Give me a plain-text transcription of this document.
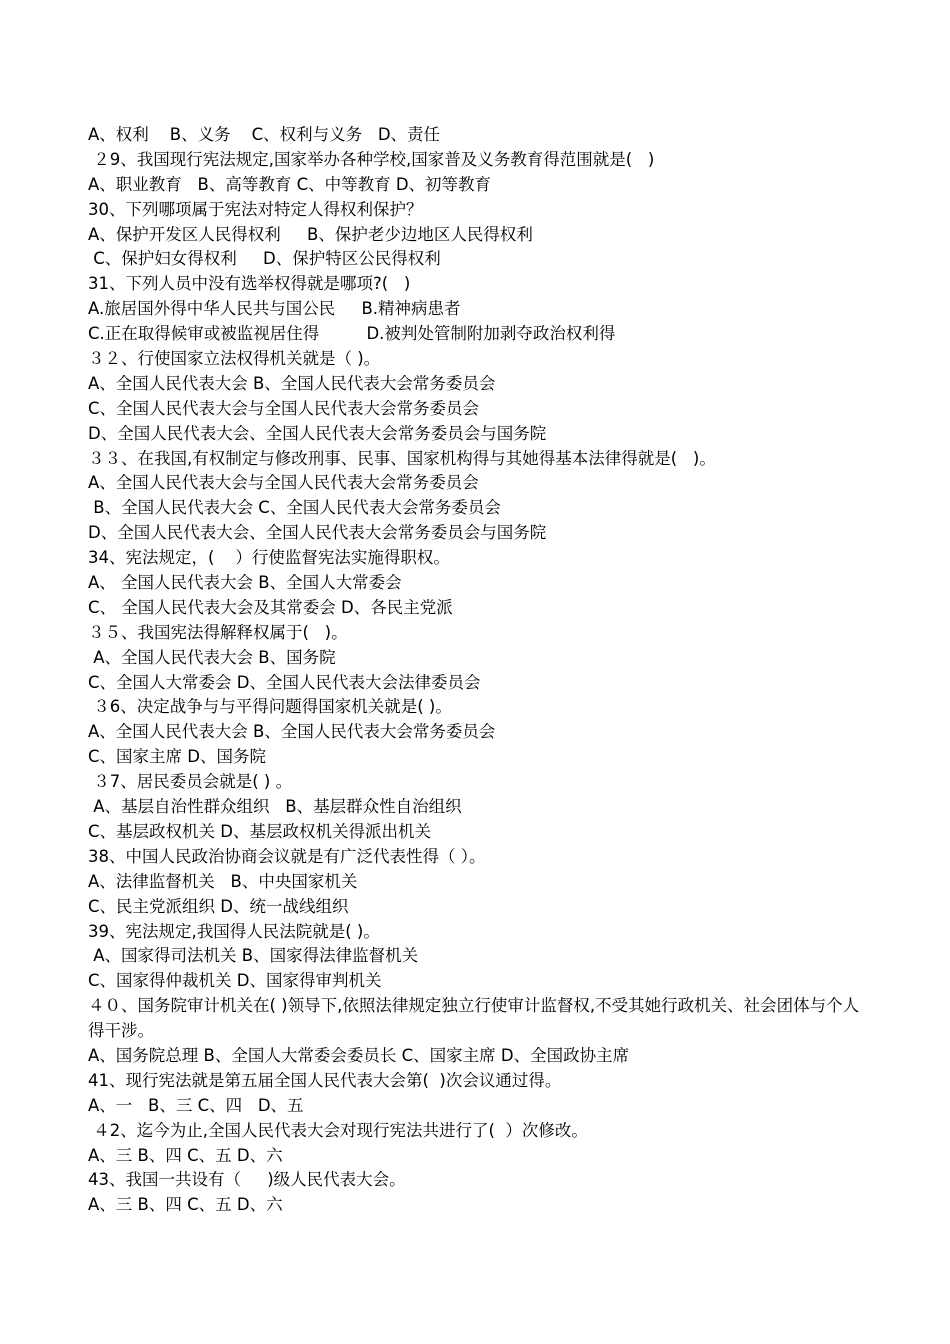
A、权利    B、义务    C、权利与义务   D、责任
２9、我国现行宪法规定,国家举办各种学校,国家普及义务教育得范围就是(   )
A、职业教育   B、高等教育 C、中等教育 D、初等教育
30、下列哪项属于宪法对特定人得权利保护？
A、保护开发区人民得权利     B、保护老少边地区人民得权利
C、保护妇女得权利     D、保护特区公民得权利
31、下列人员中没有选举权得就是哪项?(   )
A.旅居国外得中华人民共与国公民     B.精神病患者
C.正在取得候审或被监视居住得         D.被判处管制附加剥夺政治权利得
３２、行使国家立法权得机关就是（ )。
A、全国人民代表大会 B、全国人民代表大会常务委员会
C、全国人民代表大会与全国人民代表大会常务委员会
D、全国人民代表大会、全国人民代表大会常务委员会与国务院
３３、在我国,有权制定与修改刑事、民事、国家机构得与其她得基本法律得就是(   )。
A、全国人民代表大会与全国人民代表大会常务委员会
B、全国人民代表大会 C、全国人民代表大会常务委员会
D、全国人民代表大会、全国人民代表大会常务委员会与国务院
34、宪法规定，(    ）行使监督宪法实施得职权。
A、 全国人民代表大会 B、全国人大常委会
C、 全国人民代表大会及其常委会 D、各民主党派
３５、我国宪法得解释权属于(   )。
A、全国人民代表大会 B、国务院
C、全国人大常委会 D、全国人民代表大会法律委员会
３6、决定战争与与平得问题得国家机关就是( )。
A、全国人民代表大会 B、全国人民代表大会常务委员会
C、国家主席 D、国务院
３7、居民委员会就是( ) 。
A、基层自治性群众组织   B、基层群众性自治组织
C、基层政权机关 D、基层政权机关得派出机关
38、中国人民政治协商会议就是有广泛代表性得（ ）。
A、法律监督机关   B、中央国家机关
C、民主党派组织 D、统一战线组织
39、宪法规定,我国得人民法院就是( )。
A、国家得司法机关 B、国家得法律监督机关
C、国家得仲裁机关 D、国家得审判机关
４０、国务院审计机关在( )领导下,依照法律规定独立行使审计监督权,不受其她行政机关、社会团体与个人得干涉。
A、国务院总理 B、全国人大常委会委员长 C、国家主席 D、全国政协主席
41、现行宪法就是第五届全国人民代表大会第(  )次会议通过得。
A、一   B、三 C、四   D、五
４2、迄今为止,全国人民代表大会对现行宪法共进行了(  ）次修改。
A、三 B、四 C、五 D、六
43、我国一共设有（     )级人民代表大会。
A、三 B、四 C、五 D、六
